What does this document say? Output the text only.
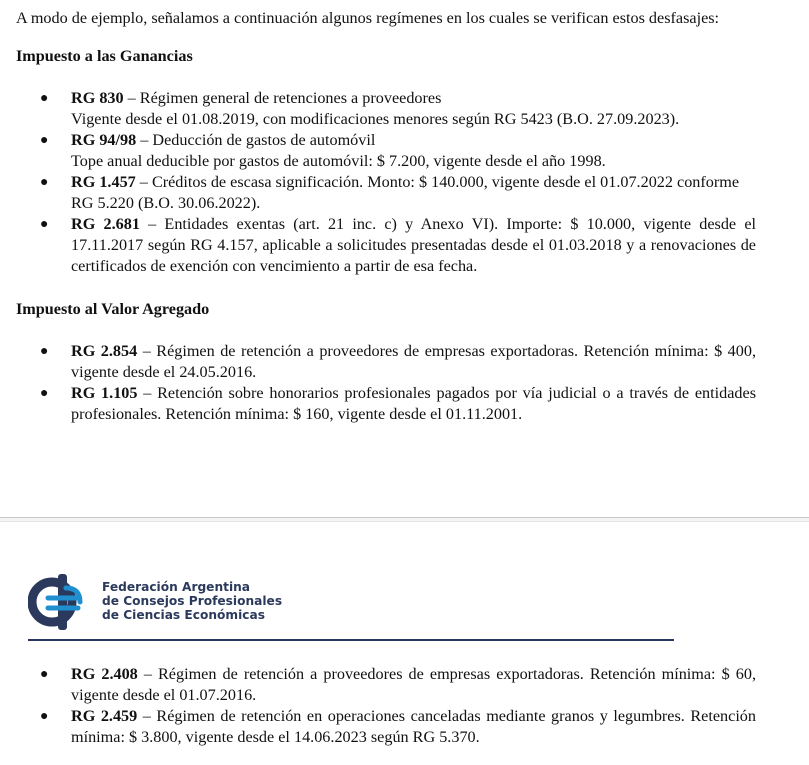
A modo de ejemplo, señalamos a continuación algunos regímenes en los cuales se verifican estos desfasajes:

Impuesto a las Ganancias

● RG 830 – Régimen general de retenciones a proveedores
Vigente desde el 01.08.2019, con modificaciones menores según RG 5423 (B.O. 27.09.2023).
● RG 94/98 – Deducción de gastos de automóvil
Tope anual deducible por gastos de automóvil: $ 7.200, vigente desde el año 1998.
● RG 1.457 – Créditos de escasa significación. Monto: $ 140.000, vigente desde el 01.07.2022 conforme RG 5.220 (B.O. 30.06.2022).
● RG 2.681 – Entidades exentas (art. 21 inc. c) y Anexo VI). Importe: $ 10.000, vigente desde el 17.11.2017 según RG 4.157, aplicable a solicitudes presentadas desde el 01.03.2018 y a renovaciones de certificados de exención con vencimiento a partir de esa fecha.

Impuesto al Valor Agregado

● RG 2.854 – Régimen de retención a proveedores de empresas exportadoras. Retención mínima: $ 400, vigente desde el 24.05.2016.
● RG 1.105 – Retención sobre honorarios profesionales pagados por vía judicial o a través de entidades profesionales. Retención mínima: $ 160, vigente desde el 01.11.2001.
Federación Argentina
de Consejos Profesionales
de Ciencias Económicas
● RG 2.408 – Régimen de retención a proveedores de empresas exportadoras. Retención mínima: $ 60, vigente desde el 01.07.2016.
● RG 2.459 – Régimen de retención en operaciones canceladas mediante granos y legumbres. Retención mínima: $ 3.800, vigente desde el 14.06.2023 según RG 5.370.
